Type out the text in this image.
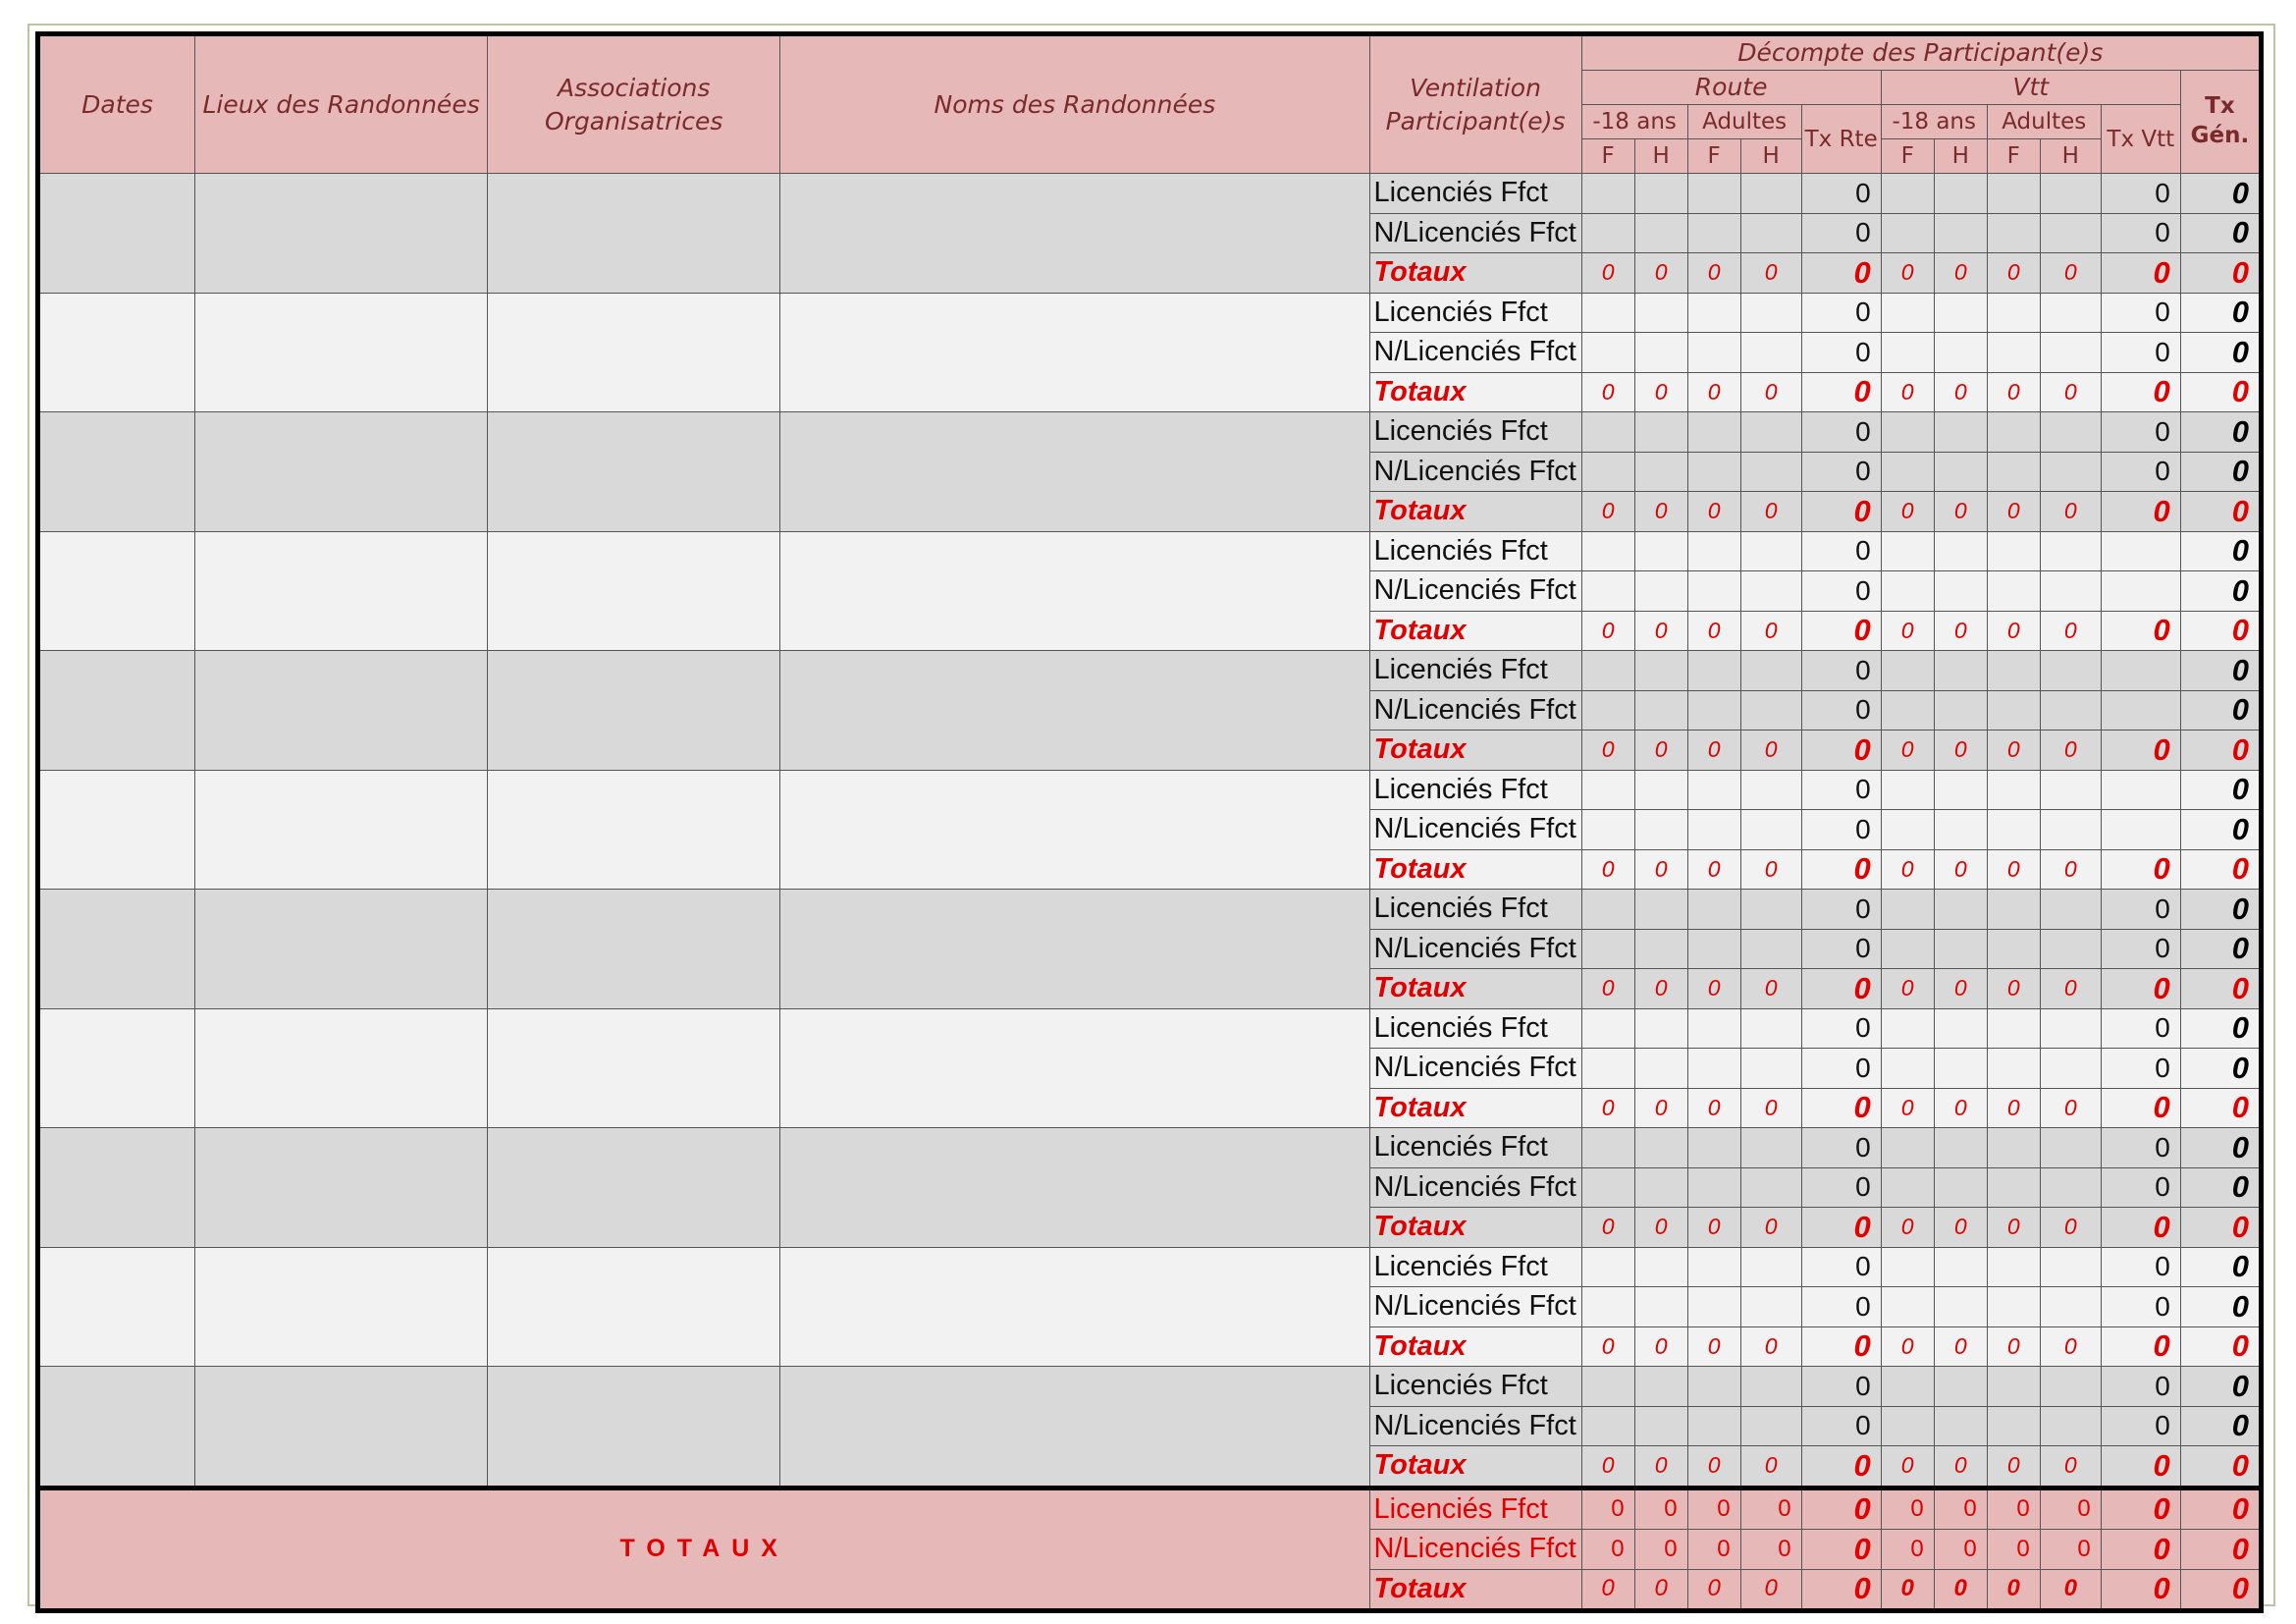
Dates	Lieux des Randonnées	Associations Organisatrices	Noms des Randonnées	Ventilation Participant(e)s	Décompte des Participant(e)s										
					Route					Vtt					Tx Gén.
					-18 ans		Adultes		Tx Rte	-18 ans		Adultes		Tx Vtt	
					F	H	F	H		F	H	F	H		
				Licenciés Ffct					0					0	0
				N/Licenciés Ffct					0					0	0
				Totaux	0	0	0	0	0	0	0	0	0	0	0
				Licenciés Ffct					0					0	0
				N/Licenciés Ffct					0					0	0
				Totaux	0	0	0	0	0	0	0	0	0	0	0
				Licenciés Ffct					0					0	0
				N/Licenciés Ffct					0					0	0
				Totaux	0	0	0	0	0	0	0	0	0	0	0
				Licenciés Ffct					0						0
				N/Licenciés Ffct					0						0
				Totaux	0	0	0	0	0	0	0	0	0	0	0
				Licenciés Ffct					0						0
				N/Licenciés Ffct					0						0
				Totaux	0	0	0	0	0	0	0	0	0	0	0
				Licenciés Ffct					0						0
				N/Licenciés Ffct					0						0
				Totaux	0	0	0	0	0	0	0	0	0	0	0
				Licenciés Ffct					0					0	0
				N/Licenciés Ffct					0					0	0
				Totaux	0	0	0	0	0	0	0	0	0	0	0
				Licenciés Ffct					0					0	0
				N/Licenciés Ffct					0					0	0
				Totaux	0	0	0	0	0	0	0	0	0	0	0
				Licenciés Ffct					0					0	0
				N/Licenciés Ffct					0					0	0
				Totaux	0	0	0	0	0	0	0	0	0	0	0
				Licenciés Ffct					0					0	0
				N/Licenciés Ffct					0					0	0
				Totaux	0	0	0	0	0	0	0	0	0	0	0
				Licenciés Ffct					0					0	0
				N/Licenciés Ffct					0					0	0
				Totaux	0	0	0	0	0	0	0	0	0	0	0
TOTAUX				Licenciés Ffct	0	0	0	0	0	0	0	0	0	0	0
				N/Licenciés Ffct	0	0	0	0	0	0	0	0	0	0	0
				Totaux	0	0	0	0	0	0	0	0	0	0	0
